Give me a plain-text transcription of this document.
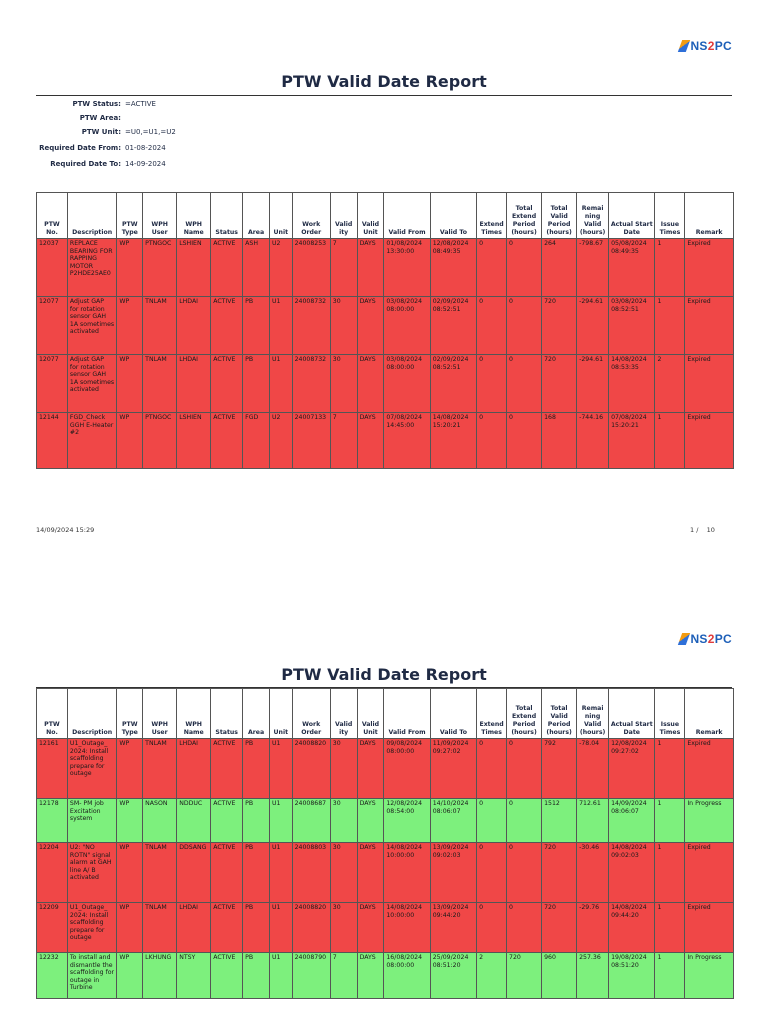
NS 2 PC
PTW Valid Date Report
PTW Status: =ACTIVE
PTW Area:
PTW Unit: =U0,=U1,=U2
Required Date From: 01-08-2024
Required Date To: 14-09-2024
PTW No.	Description	PTW Type	WPH User	WPH Name	Status	Area	Unit	Work Order	Valid ity	Valid Unit	Valid From	Valid To	Extend Times	Total Extend Period (hours)	Total Valid Period (hours)	Remai ning Valid (hours)	Actual Start Date	Issue Times	Remark
12037	REPLACE BEARING FOR RAPPING MOTOR P2HDE25AE0	WP	PTNGOC	LSHIEN	ACTIVE	ASH	U2	24008253	7	DAYS	01/08/2024 13:30:00	12/08/2024 08:49:35	0	0	264	-798.67	05/08/2024 08:49:35	1	Expired
12077	Adjust GAP for rotation sensor GAH 1A sometimes activated	WP	TNLAM	LHDAI	ACTIVE	PB	U1	24008732	30	DAYS	03/08/2024 08:00:00	02/09/2024 08:52:51	0	0	720	-294.61	03/08/2024 08:52:51	1	Expired
12077	Adjust GAP for rotation sensor GAH 1A sometimes activated	WP	TNLAM	LHDAI	ACTIVE	PB	U1	24008732	30	DAYS	03/08/2024 08:00:00	02/09/2024 08:52:51	0	0	720	-294.61	14/08/2024 08:53:35	2	Expired
12144	FGD_Check GGH E-Heater #2	WP	PTNGOC	LSHIEN	ACTIVE	FGD	U2	24007133	7	DAYS	07/08/2024 14:45:00	14/08/2024 15:20:21	0	0	168	-744.16	07/08/2024 15:20:21	1	Expired
14/09/2024 15:29	1 / 10
NS 2 PC
PTW Valid Date Report
PTW No.	Description	PTW Type	WPH User	WPH Name	Status	Area	Unit	Work Order	Valid ity	Valid Unit	Valid From	Valid To	Extend Times	Total Extend Period (hours)	Total Valid Period (hours)	Remai ning Valid (hours)	Actual Start Date	Issue Times	Remark
12161	U1_Outage_ 2024: Install scaffolding prepare for outage	WP	TNLAM	LHDAI	ACTIVE	PB	U1	24008820	30	DAYS	09/08/2024 08:00:00	11/09/2024 09:27:02	0	0	792	-78.04	12/08/2024 09:27:02	1	Expired
12178	SM- PM job Excitation system	WP	NASON	NDDUC	ACTIVE	PB	U1	24008687	30	DAYS	12/08/2024 08:54:00	14/10/2024 08:06:07	0	0	1512	712.61	14/09/2024 08:06:07	1	In Progress
12204	U2: "NO ROTN" signal alarm at GAH line A/ B activated	WP	TNLAM	DDSANG	ACTIVE	PB	U1	24008803	30	DAYS	14/08/2024 10:00:00	13/09/2024 09:02:03	0	0	720	-30.46	14/08/2024 09:02:03	1	Expired
12209	U1_Outage_ 2024: Install scaffolding prepare for outage	WP	TNLAM	LHDAI	ACTIVE	PB	U1	24008820	30	DAYS	14/08/2024 10:00:00	13/09/2024 09:44:20	0	0	720	-29.76	14/08/2024 09:44:20	1	Expired
12232	To install and dismantle the scaffolding for outage in Turbine	WP	LKHUNG	NTSY	ACTIVE	PB	U1	24008790	7	DAYS	16/08/2024 08:00:00	25/09/2024 08:51:20	2	720	960	257.36	19/08/2024 08:51:20	1	In Progress
